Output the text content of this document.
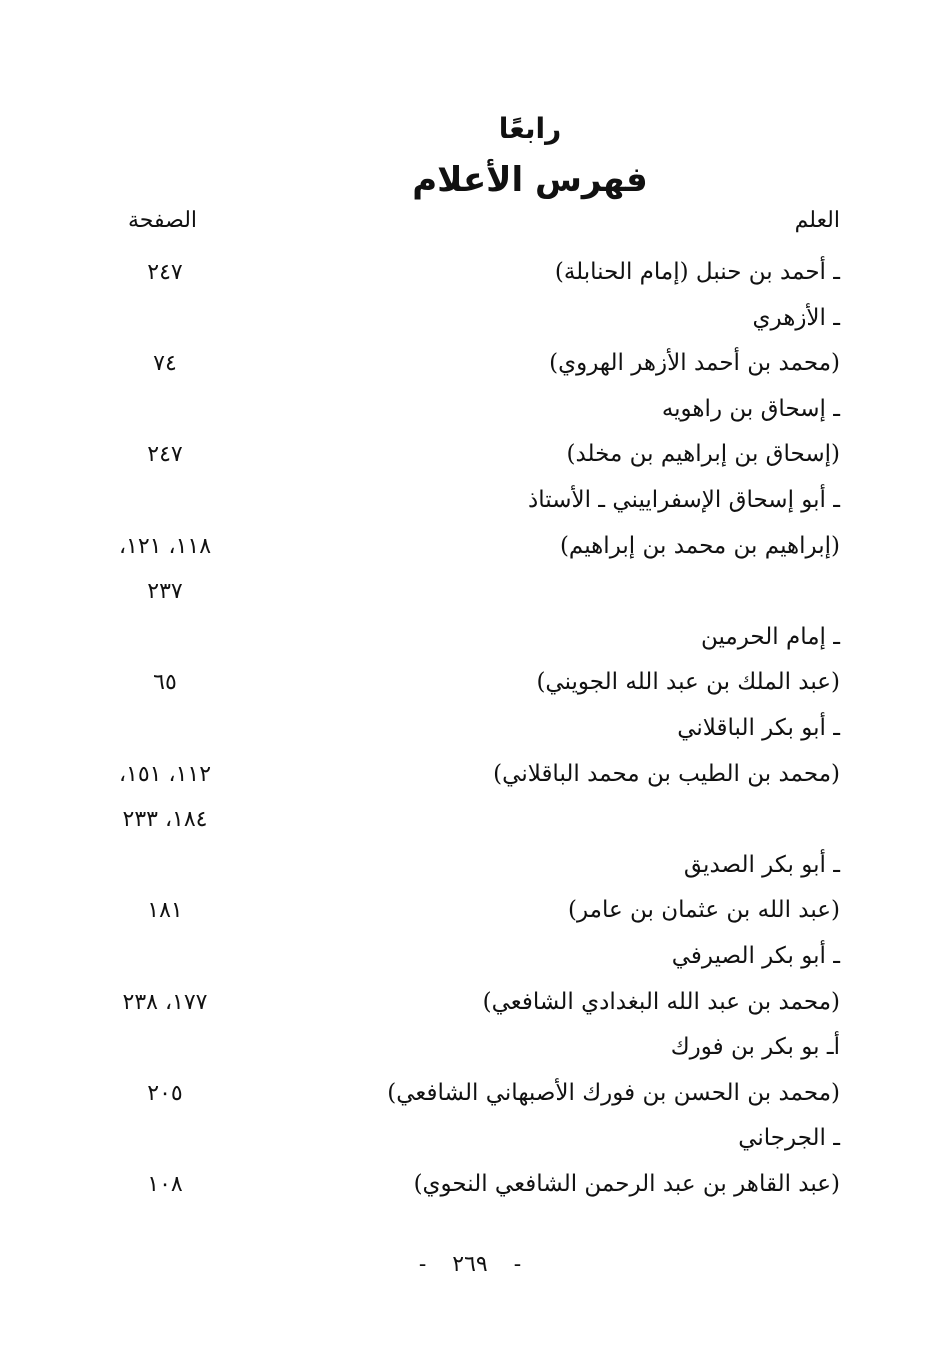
رابعًا
فهرس الأعلام
العلم
الصفحة
ـ أحمد بن حنبل (إمام الحنابلة)
٢٤٧
ـ الأزهري
(محمد بن أحمد الأزهر الهروي)
٧٤
ـ إسحاق بن راهويه
(إسحاق بن إبراهيم بن مخلد)
٢٤٧
ـ أبو إسحاق الإسفراييني ـ الأستاذ
(إبراهيم بن محمد بن إبراهيم)
١١٨، ١٢١،
٢٣٧
ـ إمام الحرمين
(عبد الملك بن عبد الله الجويني)
٦٥
ـ أبو بكر الباقلاني
(محمد بن الطيب بن محمد الباقلاني)
١١٢، ١٥١،
١٨٤، ٢٣٣
ـ أبو بكر الصديق
(عبد الله بن عثمان بن عامر)
١٨١
ـ أبو بكر الصيرفي
(محمد بن عبد الله البغدادي الشافعي)
١٧٧، ٢٣٨
أـ بو بكر بن فورك
(محمد بن الحسن بن فورك الأصبهاني الشافعي)
٢٠٥
ـ الجرجاني
(عبد القاهر بن عبد الرحمن الشافعي النحوي)
١٠٨
-٢٦٩-
